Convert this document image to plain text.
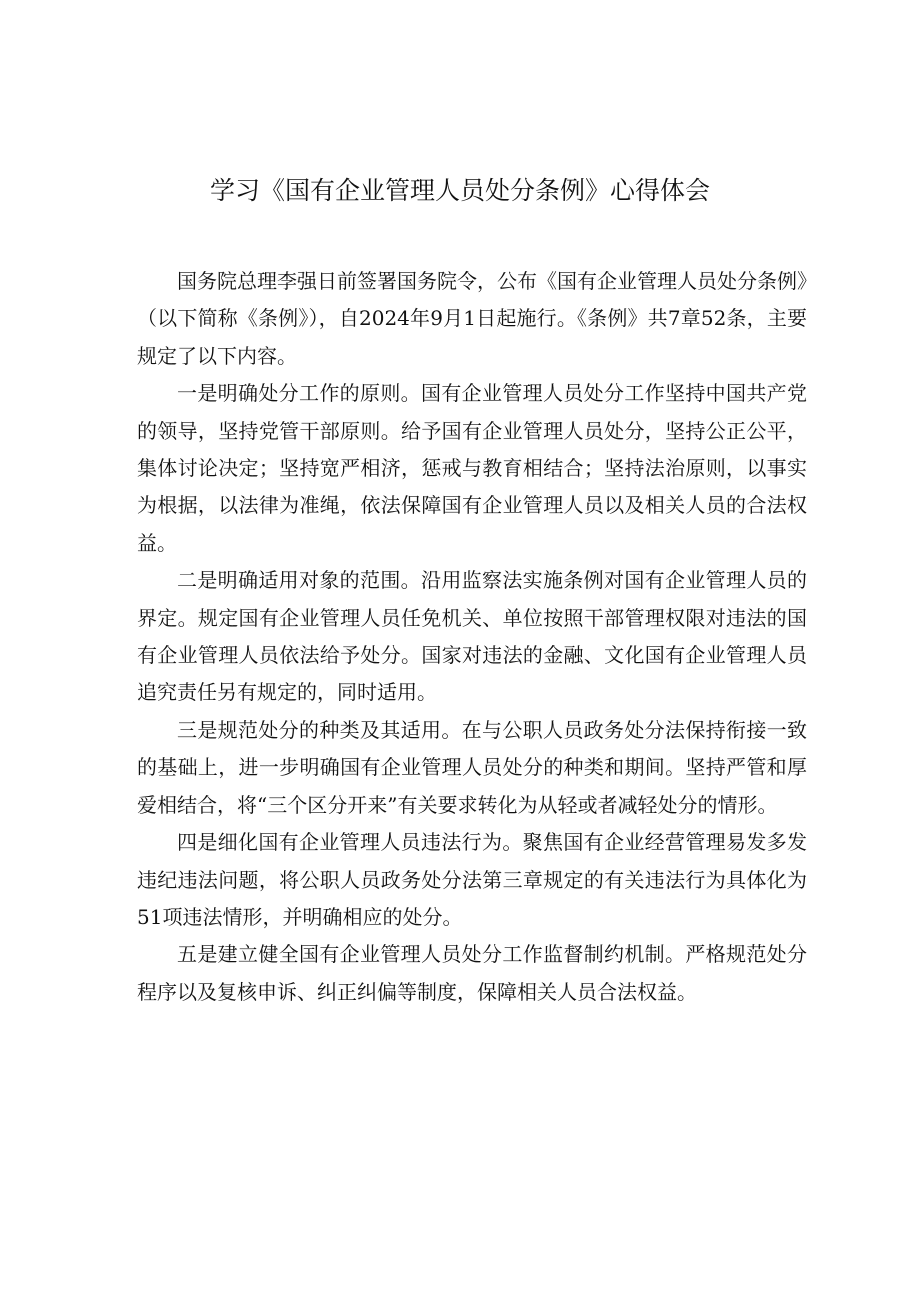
学习《国有企业管理人员处分条例》心得体会

国务院总理李强日前签署国务院令，公布《国有企业管理人员处分条例》（以下简称《条例》），自2024年9月1日起施行。《条例》共7章52条，主要规定了以下内容。

一是明确处分工作的原则。国有企业管理人员处分工作坚持中国共产党的领导，坚持党管干部原则。给予国有企业管理人员处分，坚持公正公平，集体讨论决定；坚持宽严相济，惩戒与教育相结合；坚持法治原则，以事实为根据，以法律为准绳，依法保障国有企业管理人员以及相关人员的合法权益。

二是明确适用对象的范围。沿用监察法实施条例对国有企业管理人员的界定。规定国有企业管理人员任免机关、单位按照干部管理权限对违法的国有企业管理人员依法给予处分。国家对违法的金融、文化国有企业管理人员追究责任另有规定的，同时适用。

三是规范处分的种类及其适用。在与公职人员政务处分法保持衔接一致的基础上，进一步明确国有企业管理人员处分的种类和期间。坚持严管和厚爱相结合，将“三个区分开来”有关要求转化为从轻或者减轻处分的情形。

四是细化国有企业管理人员违法行为。聚焦国有企业经营管理易发多发违纪违法问题，将公职人员政务处分法第三章规定的有关违法行为具体化为51项违法情形，并明确相应的处分。

五是建立健全国有企业管理人员处分工作监督制约机制。严格规范处分程序以及复核申诉、纠正纠偏等制度，保障相关人员合法权益。
